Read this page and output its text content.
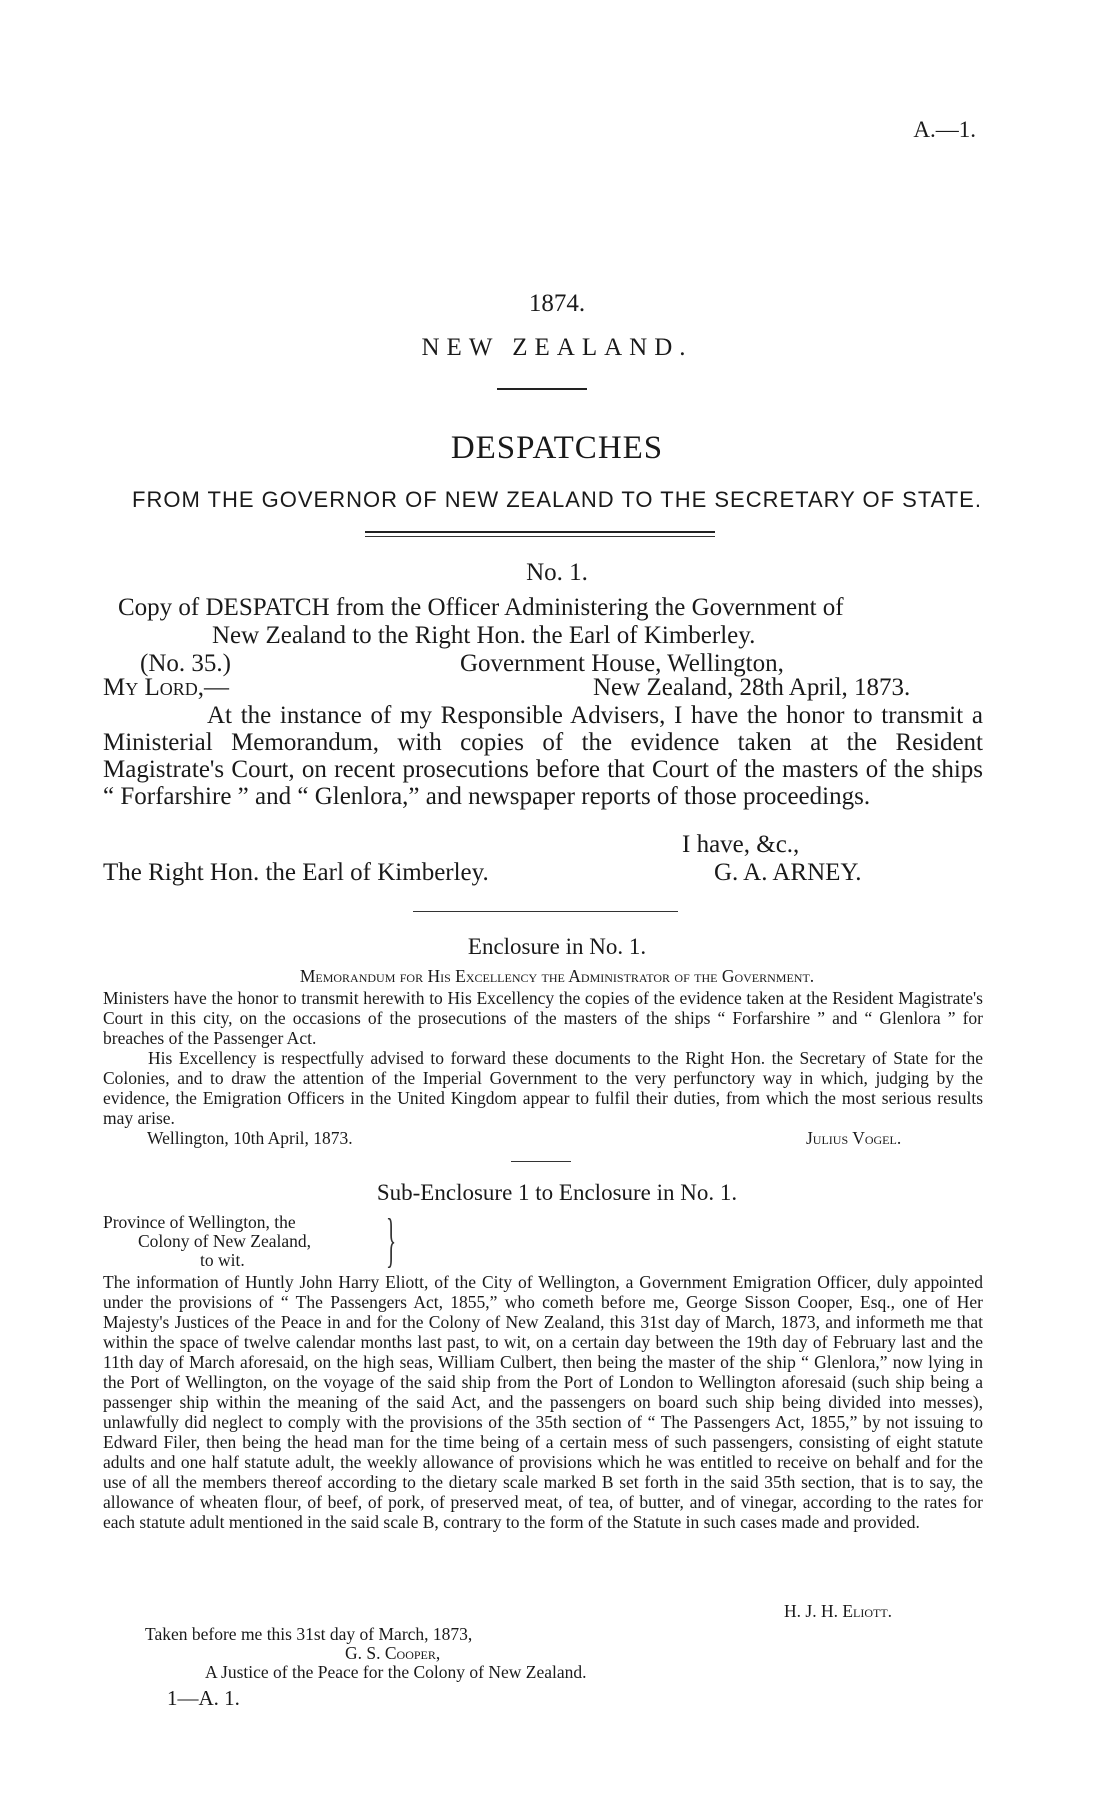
A.—1.
1874.
NEW ZEALAND.
DESPATCHES
FROM THE GOVERNOR OF NEW ZEALAND TO THE SECRETARY OF STATE.
No. 1.
Copy of DESPATCH from the Officer Administering the Government of
New Zealand to the Right Hon. the Earl of Kimberley.
(No. 35.)	Government House, Wellington,
My Lord,—	New Zealand, 28th April, 1873.
At the instance of my Responsible Advisers, I have the honor to transmit a Ministerial Memorandum, with copies of the evidence taken at the Resident Magistrate's Court, on recent prosecutions before that Court of the masters of the ships “ Forfarshire ” and “ Glenlora,” and newspaper reports of those proceedings.
I have, &c.,
The Right Hon. the Earl of Kimberley.	G. A. ARNEY.
Enclosure in No. 1.
Memorandum for His Excellency the Administrator of the Government.
Ministers have the honor to transmit herewith to His Excellency the copies of the evidence taken at the Resident Magistrate's Court in this city, on the occasions of the prosecutions of the masters of the ships “ Forfarshire ” and “ Glenlora ” for breaches of the Passenger Act.
His Excellency is respectfully advised to forward these documents to the Right Hon. the Secretary of State for the Colonies, and to draw the attention of the Imperial Government to the very perfunctory way in which, judging by the evidence, the Emigration Officers in the United Kingdom appear to fulfil their duties, from which the most serious results may arise.
Wellington, 10th April, 1873.	Julius Vogel.
Sub-Enclosure 1 to Enclosure in No. 1.
Province of Wellington, the
Colony of New Zealand,
to wit. }
The information of Huntly John Harry Eliott, of the City of Wellington, a Government Emigration Officer, duly appointed under the provisions of “ The Passengers Act, 1855,” who cometh before me, George Sisson Cooper, Esq., one of Her Majesty's Justices of the Peace in and for the Colony of New Zealand, this 31st day of March, 1873, and informeth me that within the space of twelve calendar months last past, to wit, on a certain day between the 19th day of February last and the 11th day of March aforesaid, on the high seas, William Culbert, then being the master of the ship “ Glenlora,” now lying in the Port of Wellington, on the voyage of the said ship from the Port of London to Wellington aforesaid (such ship being a passenger ship within the meaning of the said Act, and the passengers on board such ship being divided into messes), unlawfully did neglect to comply with the provisions of the 35th section of “ The Passengers Act, 1855,” by not issuing to Edward Filer, then being the head man for the time being of a certain mess of such passengers, consisting of eight statute adults and one half statute adult, the weekly allowance of provisions which he was entitled to receive on behalf and for the use of all the members thereof according to the dietary scale marked B set forth in the said 35th section, that is to say, the allowance of wheaten flour, of beef, of pork, of preserved meat, of tea, of butter, and of vinegar, according to the rates for each statute adult mentioned in the said scale B, contrary to the form of the Statute in such cases made and provided.
H. J. H. Eliott.
Taken before me this 31st day of March, 1873,
G. S. Cooper,
A Justice of the Peace for the Colony of New Zealand.
1—A. 1.
